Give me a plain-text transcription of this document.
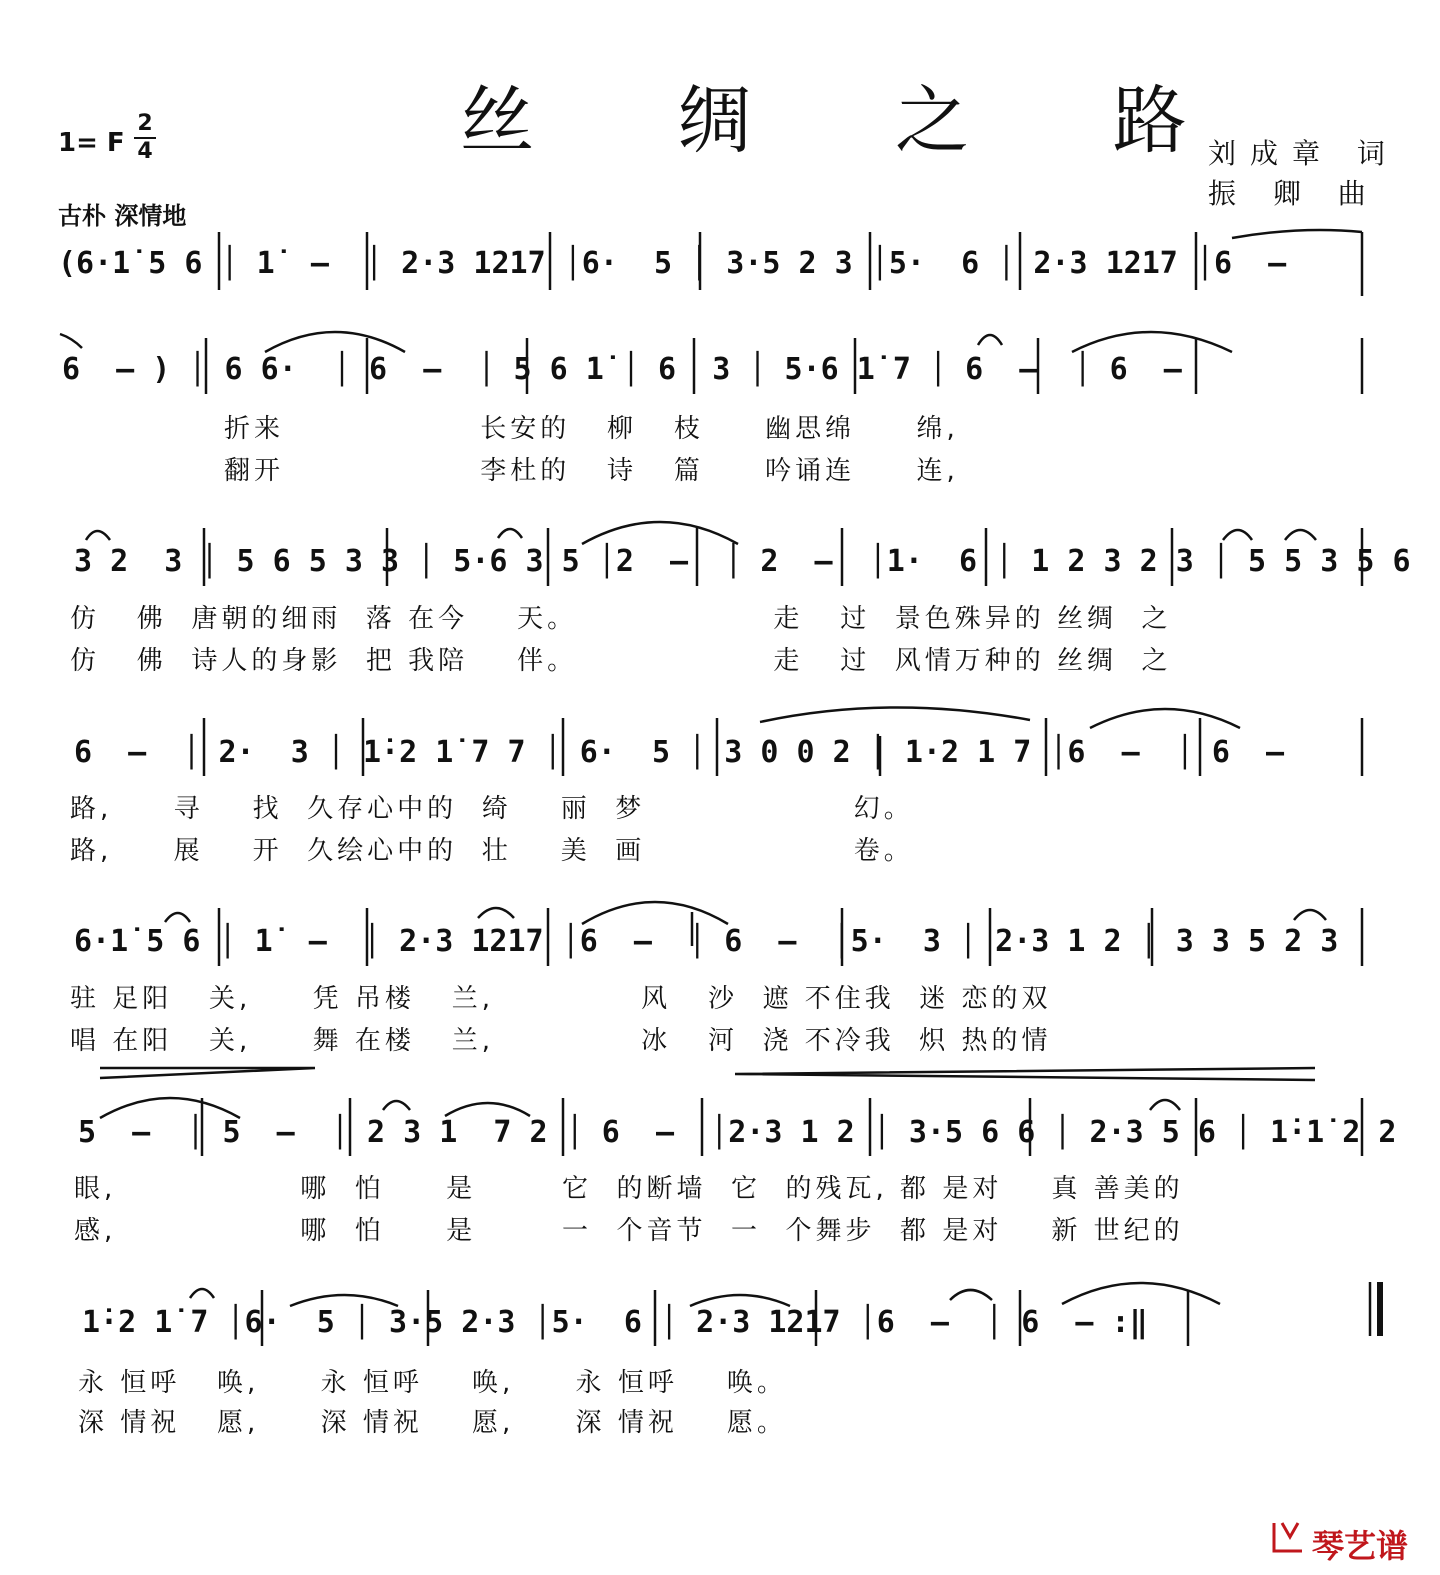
丝 绸 之 路
1= F
2
4
古朴 深情地
刘成章 词
振 卿 曲
(6·1̇ 5 6 │ 1̇  –  │ 2·3 1217 │6·  5 │ 3·5 2 3 │5·  6 │ 2·3 1217 │6  –
6  – ) │ 6 6·  │ 6  –  │ 5 6 1̇ │ 6  3 │ 5·6 1̇ 7 │ 6  –  │ 6  –
折来                长安的   柳   枝     幽思绵     绵,
翻开                李杜的   诗   篇     吟诵连     连,
3 2  3 │ 5 6 5 3 3 │ 5·6 3 5 │2  –  │ 2  –  │1·  6 │ 1 2 3 2 3 │ 5 5 3 5 6
仿   佛  唐朝的细雨  落 在今    天。                走   过  景色殊异的 丝绸  之
仿   佛  诗人的身影  把 我陪    伴。                走   过  风情万种的 丝绸  之
6  –  │ 2·  3 │ 1̇·2 1̇ 7 7 │ 6·  5 │ 3 0 0 2 │ 1·2 1 7 │6  –  │ 6  –
路,     寻    找  久存心中的  绮    丽  梦                 幻。
路,     展    开  久绘心中的  壮    美  画                 卷。
6·1̇ 5 6 │ 1̇  –  │ 2·3 1217 │6  –  │ 6  –  │5·  3 │ 2·3 1 2 │ 3 3 5 2 3
驻 足阳   关,     凭 吊楼   兰,            风   沙  遮 不住我  迷 恋的双
唱 在阳   关,     舞 在楼   兰,            冰   河  浇 不冷我  炽 热的情
5  –  │ 5  –  │ 2 3 1  7 2 │ 6  –  │2·3 1 2 │ 3·5 6 6 │ 2·3 5 6 │ 1̇·1̇ 2 2
眼,               哪  怕     是       它  的断墙  它  的残瓦, 都 是对    真 善美的
感,               哪  怕     是       一  个音节  一  个舞步  都 是对    新 世纪的
1̇·2 1̇ 7 │6·  5 │ 3·5 2·3 │5·  6 │ 2·3 1217 │6  –  │ 6  – :‖
永 恒呼   唤,     永 恒呼    唤,     永 恒呼    唤。
深 情祝   愿,     深 情祝    愿,     深 情祝    愿。
琴艺谱
